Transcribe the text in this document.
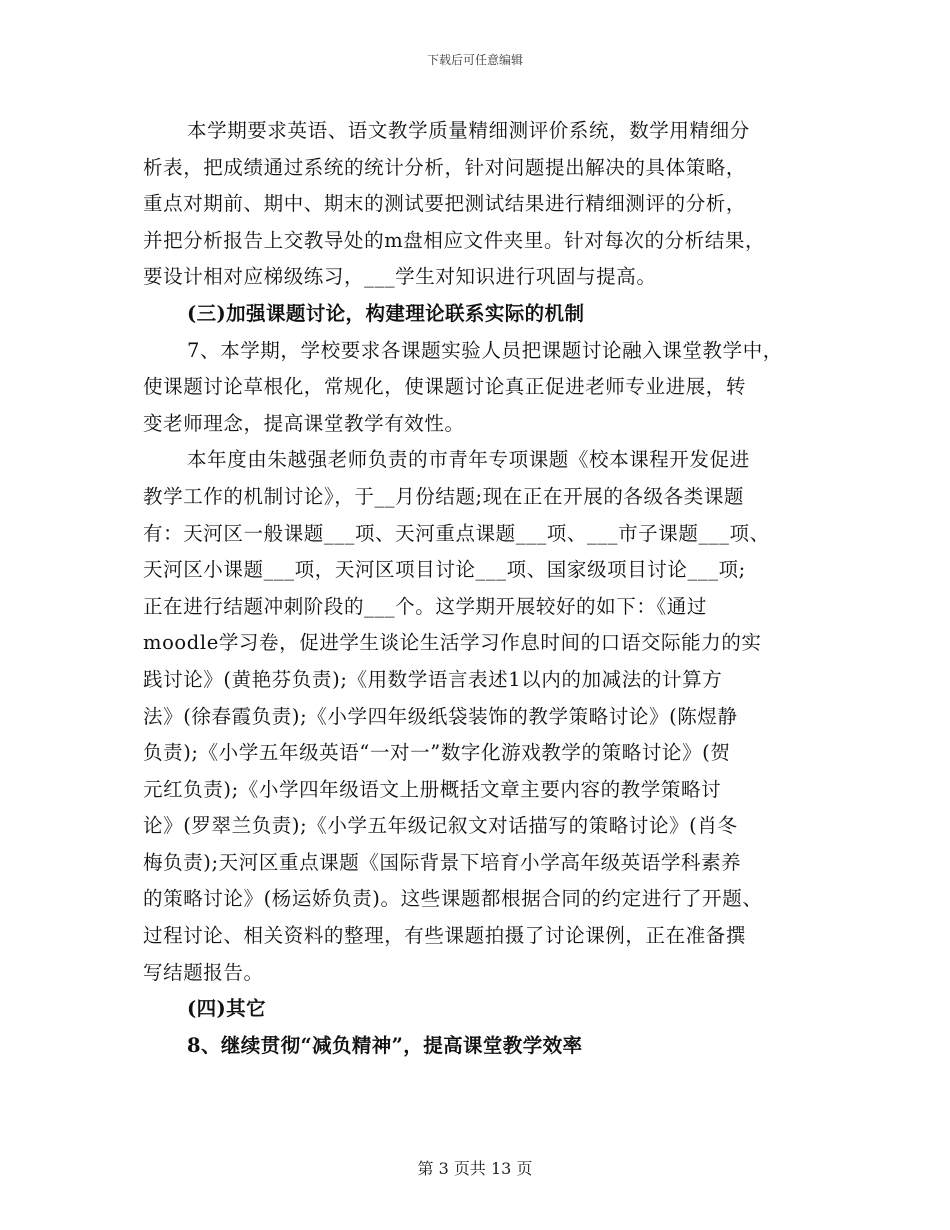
下载后可任意编辑
本学期要求英语、语文教学质量精细测评价系统，数学用精细分
析表，把成绩通过系统的统计分析，针对问题提出解决的具体策略，
重点对期前、期中、期末的测试要把测试结果进行精细测评的分析，
并把分析报告上交教导处的m盘相应文件夹里。针对每次的分析结果，
要设计相对应梯级练习，___学生对知识进行巩固与提高。
(三)加强课题讨论，构建理论联系实际的机制
7、本学期，学校要求各课题实验人员把课题讨论融入课堂教学中，
使课题讨论草根化，常规化，使课题讨论真正促进老师专业进展，转
变老师理念，提高课堂教学有效性。
本年度由朱越强老师负责的市青年专项课题《校本课程开发促进
教学工作的机制讨论》，于__月份结题;现在正在开展的各级各类课题
有：天河区一般课题___项、天河重点课题___项、___市子课题___项、
天河区小课题___项，天河区项目讨论___项、国家级项目讨论___项;
正在进行结题冲刺阶段的___个。这学期开展较好的如下：《通过
moodle学习卷，促进学生谈论生活学习作息时间的口语交际能力的实
践讨论》(黄艳芬负责);《用数学语言表述1以内的加减法的计算方
法》(徐春霞负责);《小学四年级纸袋装饰的教学策略讨论》(陈煜静
负责);《小学五年级英语“一对一”数字化游戏教学的策略讨论》(贺
元红负责);《小学四年级语文上册概括文章主要内容的教学策略讨
论》(罗翠兰负责);《小学五年级记叙文对话描写的策略讨论》(肖冬
梅负责);天河区重点课题《国际背景下培育小学高年级英语学科素养
的策略讨论》(杨运娇负责)。这些课题都根据合同的约定进行了开题、
过程讨论、相关资料的整理，有些课题拍摄了讨论课例，正在准备撰
写结题报告。
(四)其它
8、继续贯彻“减负精神”，提高课堂教学效率
第 3 页共 13 页
